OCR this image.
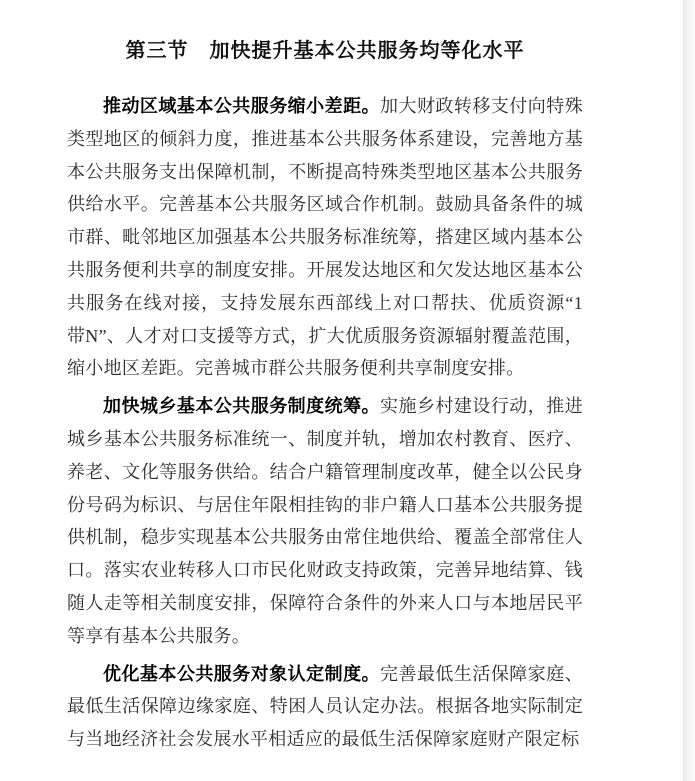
第三节　加快提升基本公共服务均等化水平

推动区域基本公共服务缩小差距。加大财政转移支付向特殊类型地区的倾斜力度，推进基本公共服务体系建设，完善地方基本公共服务支出保障机制，不断提高特殊类型地区基本公共服务供给水平。完善基本公共服务区域合作机制。鼓励具备条件的城市群、毗邻地区加强基本公共服务标准统筹，搭建区域内基本公共服务便利共享的制度安排。开展发达地区和欠发达地区基本公共服务在线对接，支持发展东西部线上对口帮扶、优质资源“1 带N”、人才对口支援等方式，扩大优质服务资源辐射覆盖范围，缩小地区差距。完善城市群公共服务便利共享制度安排。

加快城乡基本公共服务制度统筹。实施乡村建设行动，推进城乡基本公共服务标准统一、制度并轨，增加农村教育、医疗、养老、文化等服务供给。结合户籍管理制度改革，健全以公民身份号码为标识、与居住年限相挂钩的非户籍人口基本公共服务提供机制，稳步实现基本公共服务由常住地供给、覆盖全部常住人口。落实农业转移人口市民化财政支持政策，完善异地结算、钱随人走等相关制度安排，保障符合条件的外来人口与本地居民平等享有基本公共服务。

优化基本公共服务对象认定制度。完善最低生活保障家庭、最低生活保障边缘家庭、特困人员认定办法。根据各地实际制定与当地经济社会发展水平相适应的最低生活保障家庭财产限定标
